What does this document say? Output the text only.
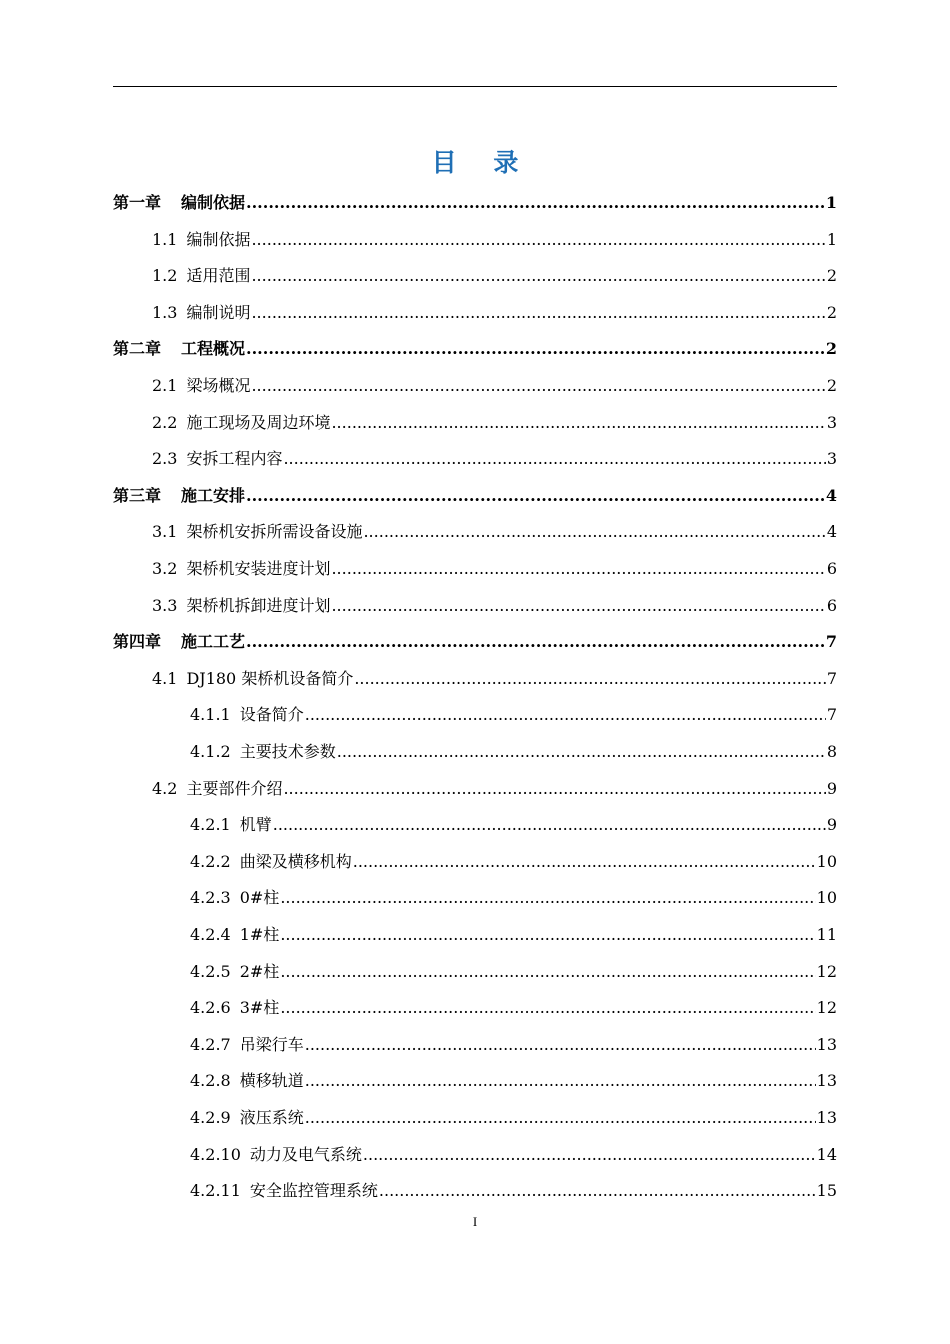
目 录
第一章 编制依据 .....	1
1.1 编制依据 .....	1
1.2 适用范围 .....	2
1.3 编制说明 .....	2
第二章 工程概况 .....	2
2.1 梁场概况 .....	2
2.2 施工现场及周边环境 .....	3
2.3 安拆工程内容 .....	3
第三章 施工安排 .....	4
3.1 架桥机安拆所需设备设施 .....	4
3.2 架桥机安装进度计划 .....	6
3.3 架桥机拆卸进度计划 .....	6
第四章 施工工艺 .....	7
4.1 DJ180 架桥机设备简介 .....	7
4.1.1 设备简介 .....	7
4.1.2 主要技术参数 .....	8
4.2 主要部件介绍 .....	9
4.2.1 机臂 .....	9
4.2.2 曲梁及横移机构 .....	10
4.2.3 0#柱 .....	10
4.2.4 1#柱 .....	11
4.2.5 2#柱 .....	12
4.2.6 3#柱 .....	12
4.2.7 吊梁行车 .....	13
4.2.8 横移轨道 .....	13
4.2.9 液压系统 .....	13
4.2.10 动力及电气系统 .....	14
4.2.11 安全监控管理系统 .....	15
I
